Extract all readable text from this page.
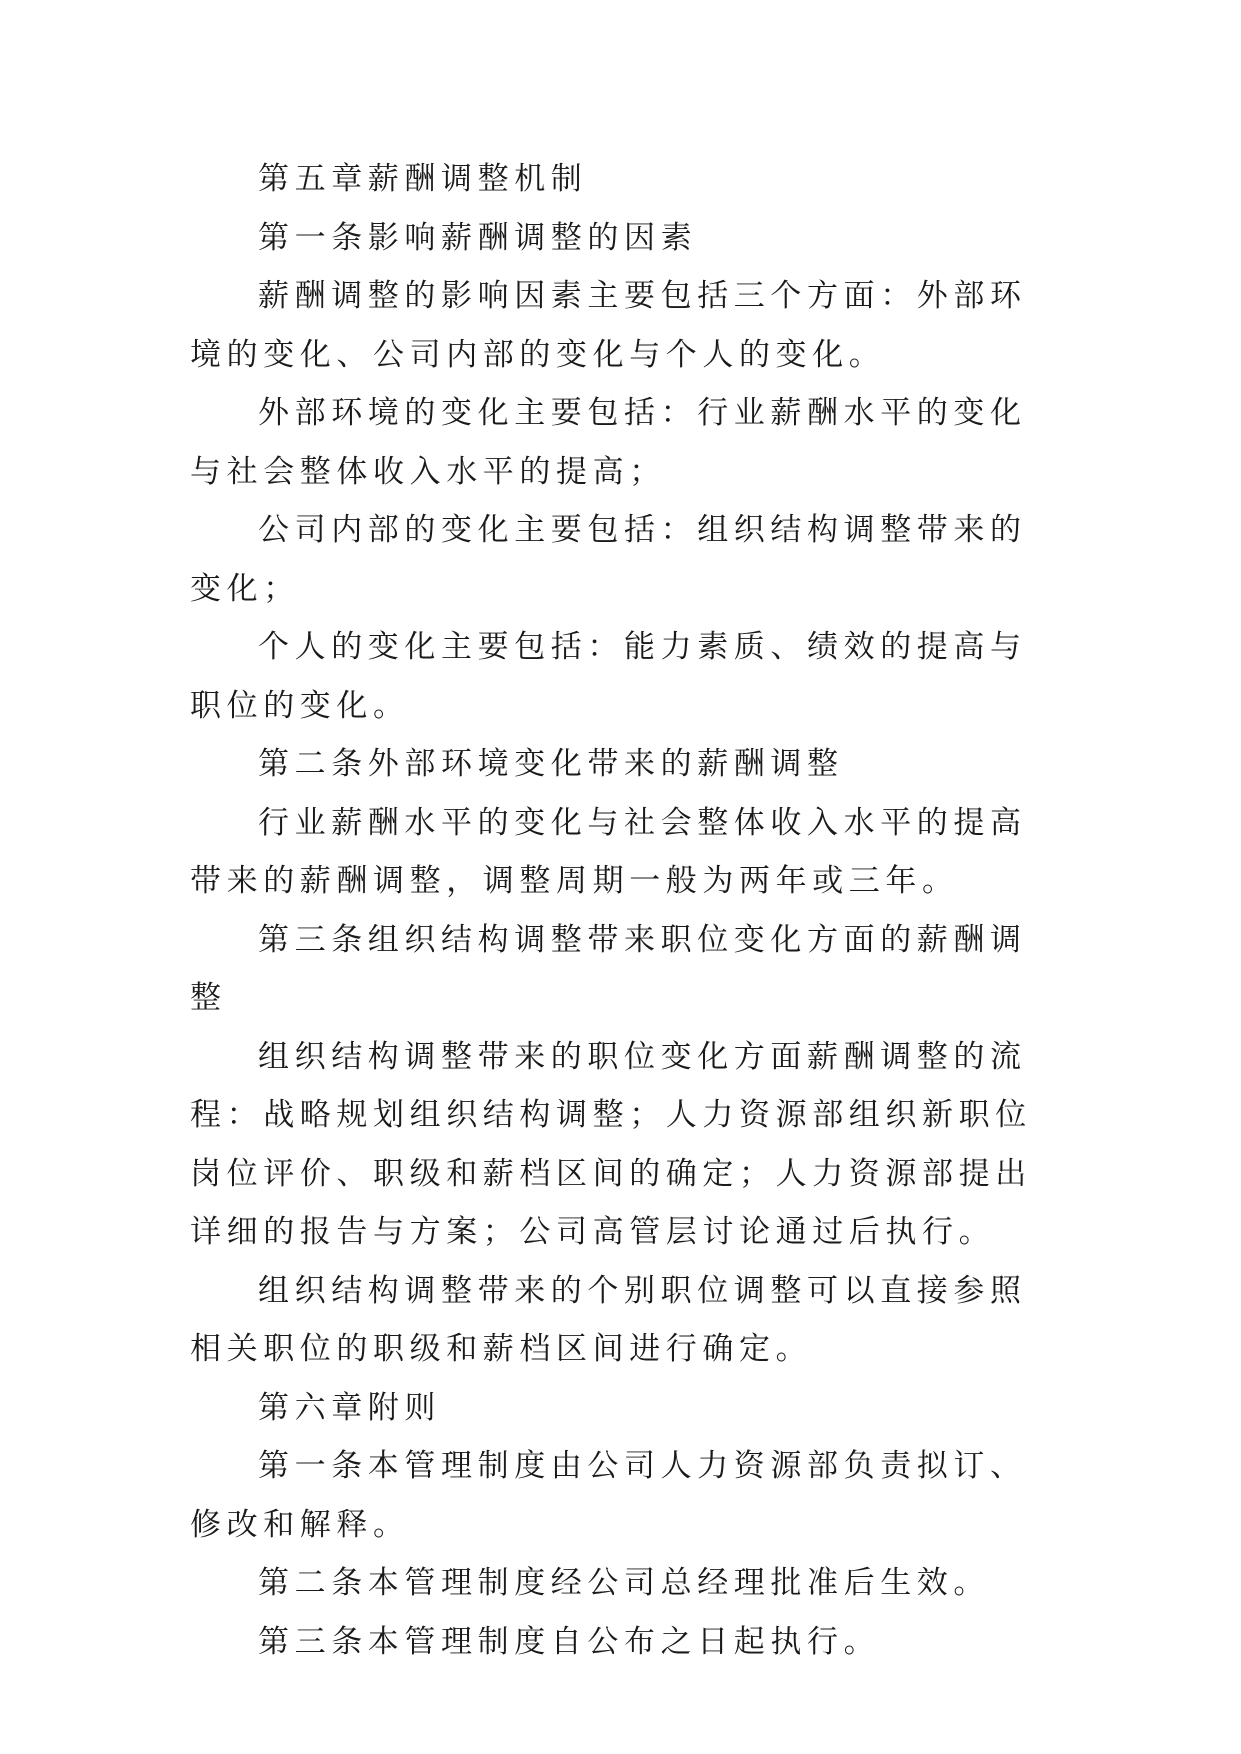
第五章薪酬调整机制

第一条影响薪酬调整的因素

薪酬调整的影响因素主要包括三个方面：外部环境的变化、公司内部的变化与个人的变化。

外部环境的变化主要包括：行业薪酬水平的变化与社会整体收入水平的提高；

公司内部的变化主要包括：组织结构调整带来的变化；

个人的变化主要包括：能力素质、绩效的提高与职位的变化。

第二条外部环境变化带来的薪酬调整

行业薪酬水平的变化与社会整体收入水平的提高带来的薪酬调整，调整周期一般为两年或三年。

第三条组织结构调整带来职位变化方面的薪酬调整

组织结构调整带来的职位变化方面薪酬调整的流程：战略规划组织结构调整；人力资源部组织新职位岗位评价、职级和薪档区间的确定；人力资源部提出详细的报告与方案；公司高管层讨论通过后执行。

组织结构调整带来的个别职位调整可以直接参照相关职位的职级和薪档区间进行确定。

第六章附则

第一条本管理制度由公司人力资源部负责拟订、修改和解释。

第二条本管理制度经公司总经理批准后生效。

第三条本管理制度自公布之日起执行。
